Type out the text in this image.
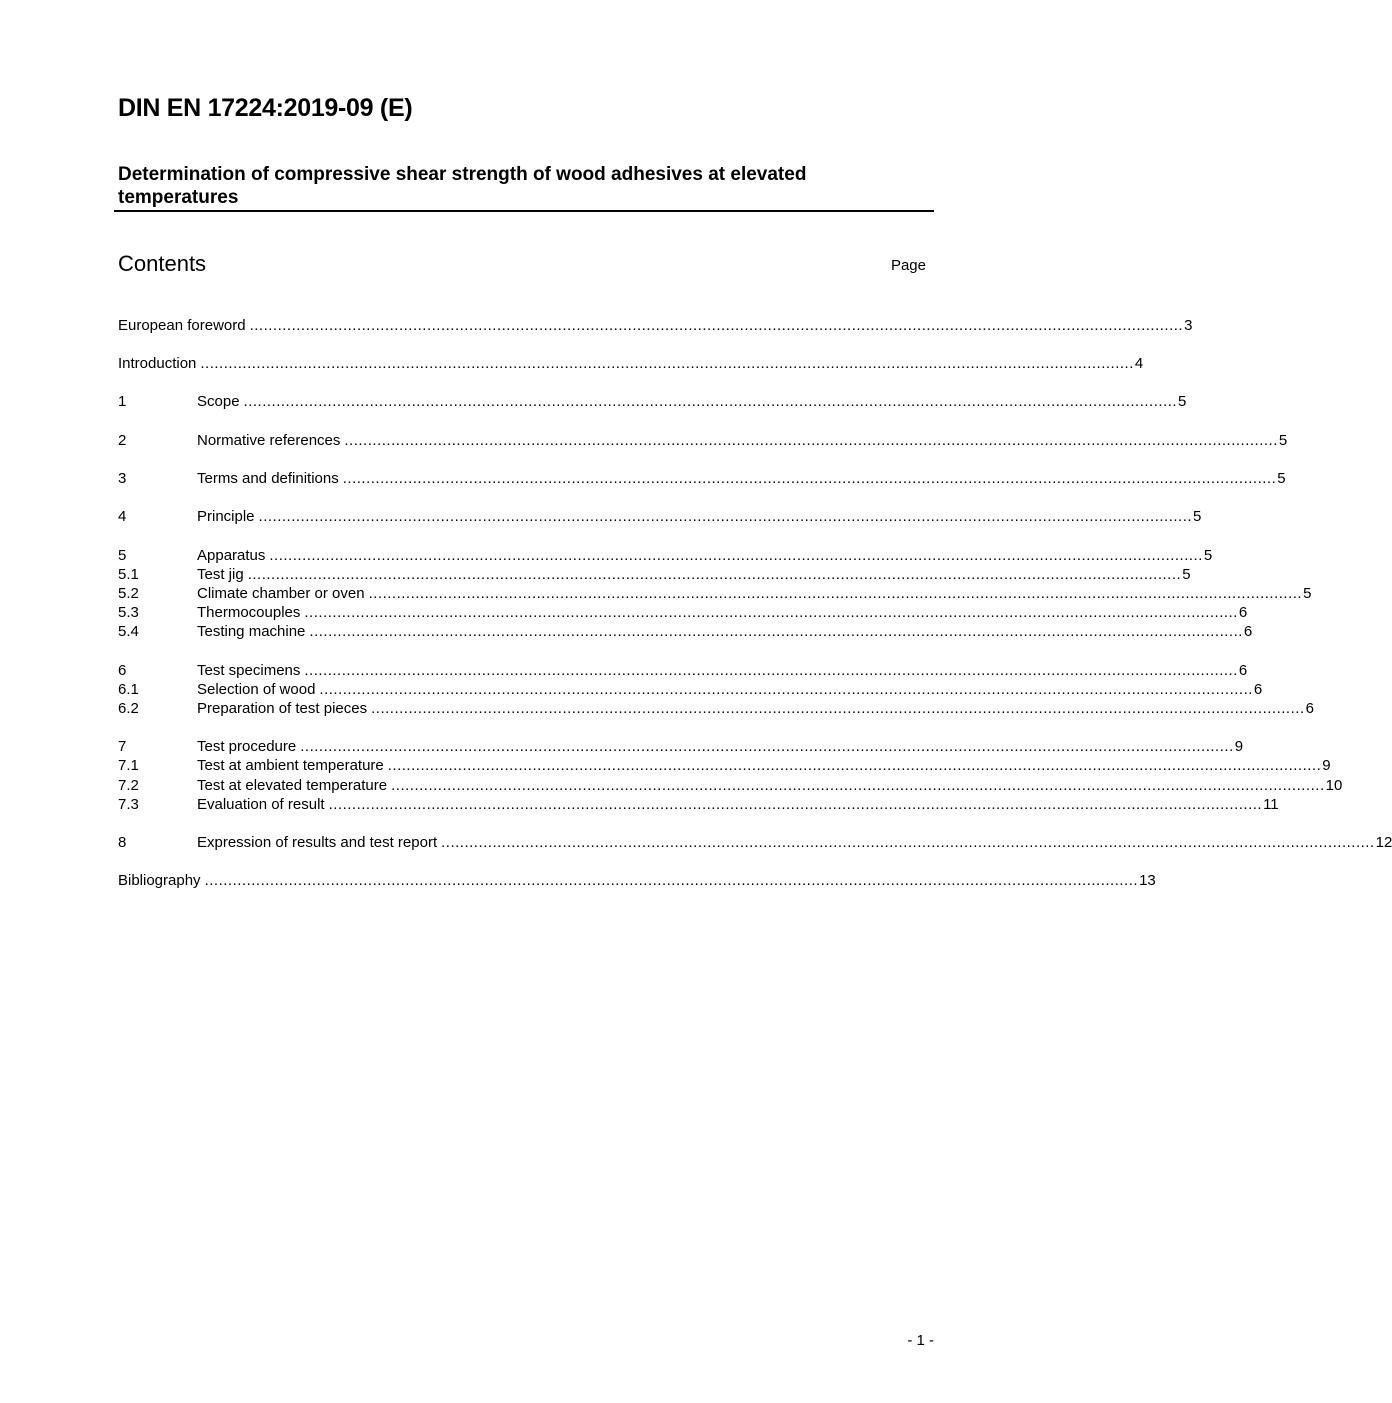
DIN EN 17224:2019-09 (E)
Determination of compressive shear strength of wood adhesives at elevated temperatures
Contents	Page
European foreword ........................................................................................................................................................................................................ 3
Introduction ........................................................................................................................................................................................................ 4
1	Scope ........................................................................................................................................................................................................ 5
2	Normative references ........................................................................................................................................................................................................ 5
3	Terms and definitions ........................................................................................................................................................................................................ 5
4	Principle ........................................................................................................................................................................................................ 5
5	Apparatus ........................................................................................................................................................................................................ 5
5.1	Test jig ........................................................................................................................................................................................................ 5
5.2	Climate chamber or oven ........................................................................................................................................................................................................ 5
5.3	Thermocouples ........................................................................................................................................................................................................ 6
5.4	Testing machine ........................................................................................................................................................................................................ 6
6	Test specimens ........................................................................................................................................................................................................ 6
6.1	Selection of wood ........................................................................................................................................................................................................ 6
6.2	Preparation of test pieces ........................................................................................................................................................................................................ 6
7	Test procedure ........................................................................................................................................................................................................ 9
7.1	Test at ambient temperature ........................................................................................................................................................................................................ 9
7.2	Test at elevated temperature ........................................................................................................................................................................................................ 10
7.3	Evaluation of result ........................................................................................................................................................................................................ 11
8	Expression of results and test report ........................................................................................................................................................................................................ 12
Bibliography ........................................................................................................................................................................................................ 13
- 1 -
